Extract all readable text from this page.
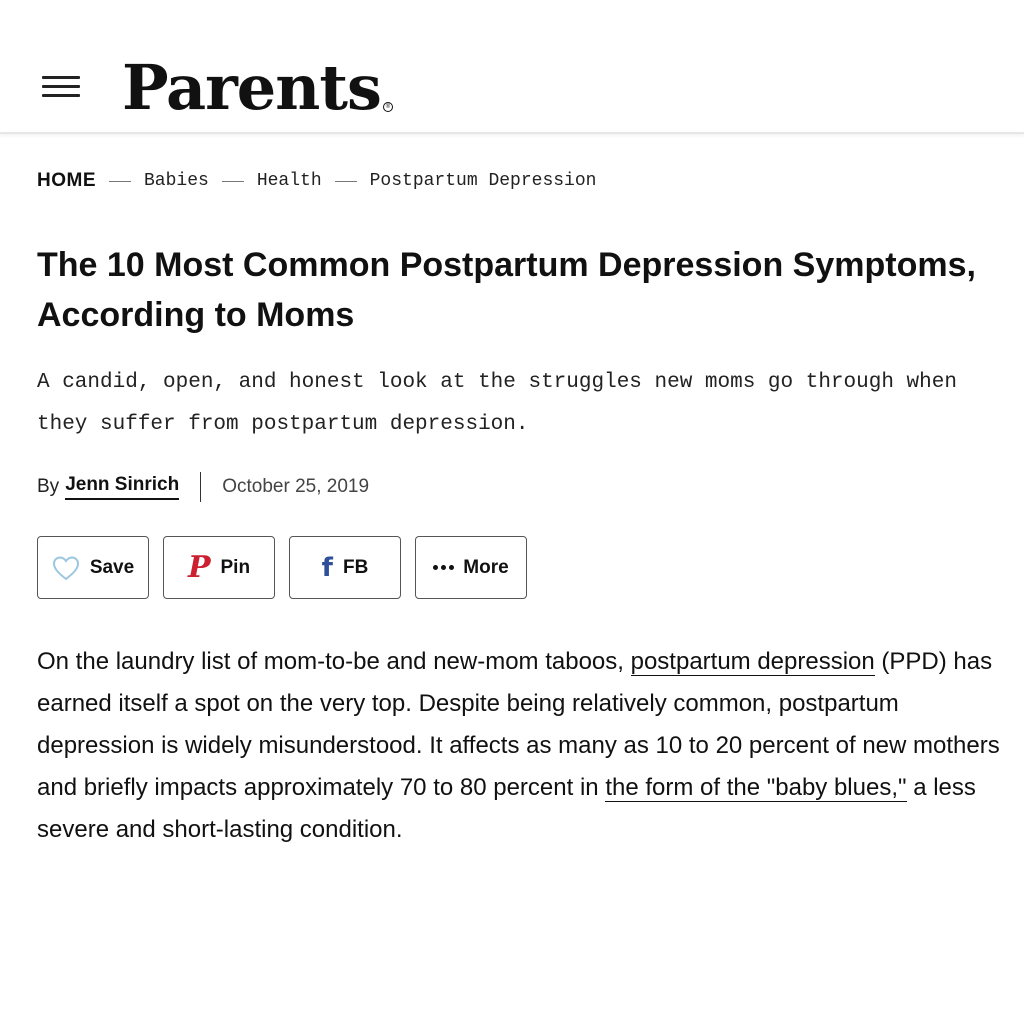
Parents ®
HOME	Babies	Health	Postpartum Depression
The 10 Most Common Postpartum Depression Symptoms, According to Moms

A candid, open, and honest look at the struggles new moms go through when they suffer from postpartum depression.

By Jenn Sinrich October 25, 2019
Save P Pin	f FB	More

On the laundry list of mom-to-be and new-mom taboos, postpartum depression (PPD) has earned itself a spot on the very top. Despite being relatively common, postpartum depression is widely misunderstood. It affects as many as 10 to 20 percent of new mothers and briefly impacts approximately 70 to 80 percent in the form of the "baby blues," a less severe and short-lasting condition.
